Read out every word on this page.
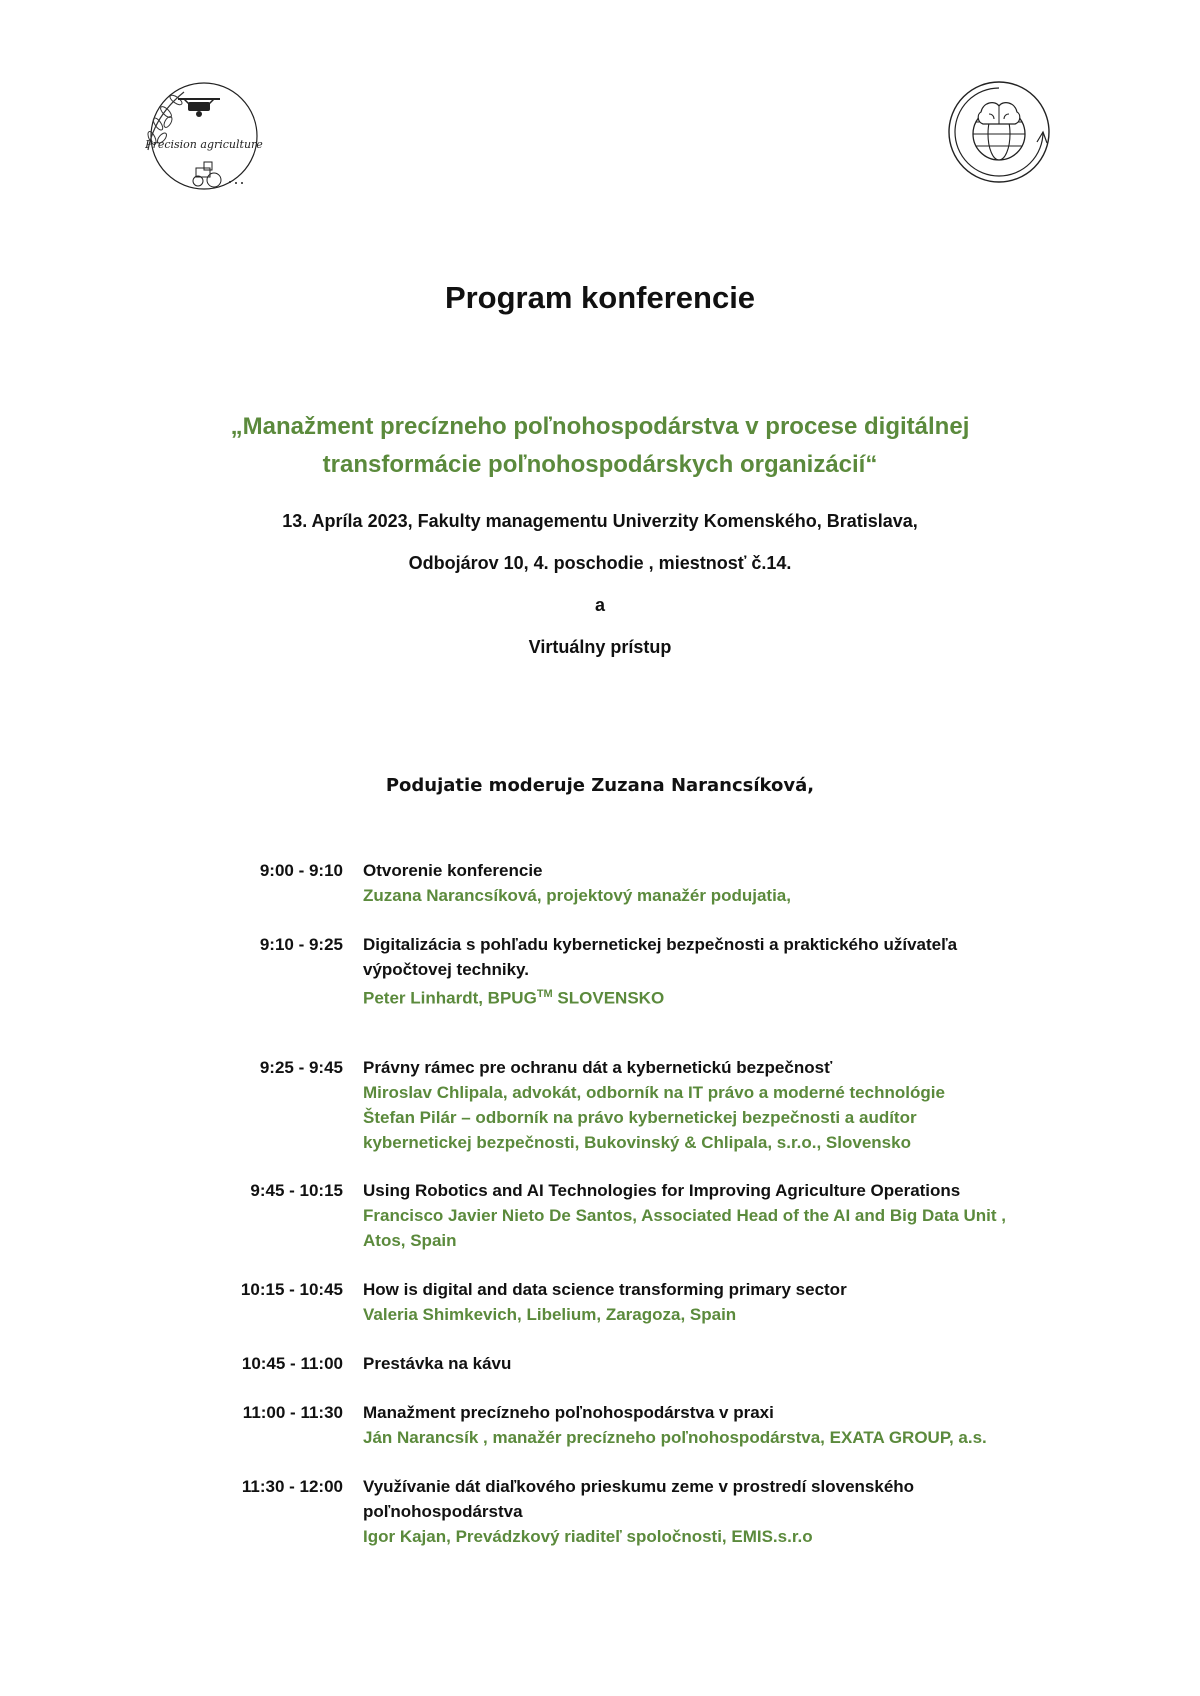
Precision agriculture
Program konferencie
„Manažment precízneho poľnohospodárstva v procese digitálnej
transformácie poľnohospodárskych organizácií“
13. Apríla 2023, Fakulty managementu Univerzity Komenského, Bratislava,
Odbojárov 10, 4. poschodie , miestnosť č.14.
a
Virtuálny prístup
Podujatie moderuje Zuzana Narancsíková,
9:00 - 9:10 Otvorenie konferencie

Zuzana Narancsíková, projektový manažér podujatia,

9:10 - 9:25 Digitalizácia s pohľadu kybernetickej bezpečnosti a praktického užívateľa

výpočtovej techniky.

Peter Linhardt, BPUG™ SLOVENSKO

9:25 - 9:45 Právny rámec pre ochranu dát a kybernetickú bezpečnosť

Miroslav Chlipala, advokát, odborník na IT právo a moderné technológie

Štefan Pilár – odborník na právo kybernetickej bezpečnosti a audítor

kybernetickej bezpečnosti, Bukovinský & Chlipala, s.r.o., Slovensko

9:45 - 10:15 Using Robotics and AI Technologies for Improving Agriculture Operations

Francisco Javier Nieto De Santos, Associated Head of the AI and Big Data Unit ,

Atos, Spain

10:15 - 10:45 How is digital and data science transforming primary sector

Valeria Shimkevich, Libelium, Zaragoza, Spain

10:45 - 11:00 Prestávka na kávu

11:00 - 11:30 Manažment precízneho poľnohospodárstva v praxi

Ján Narancsík , manažér precízneho poľnohospodárstva, EXATA GROUP, a.s.

11:30 - 12:00 Využívanie dát diaľkového prieskumu zeme v prostredí slovenského

poľnohospodárstva

Igor Kajan, Prevádzkový riaditeľ spoločnosti, EMIS.s.r.o
